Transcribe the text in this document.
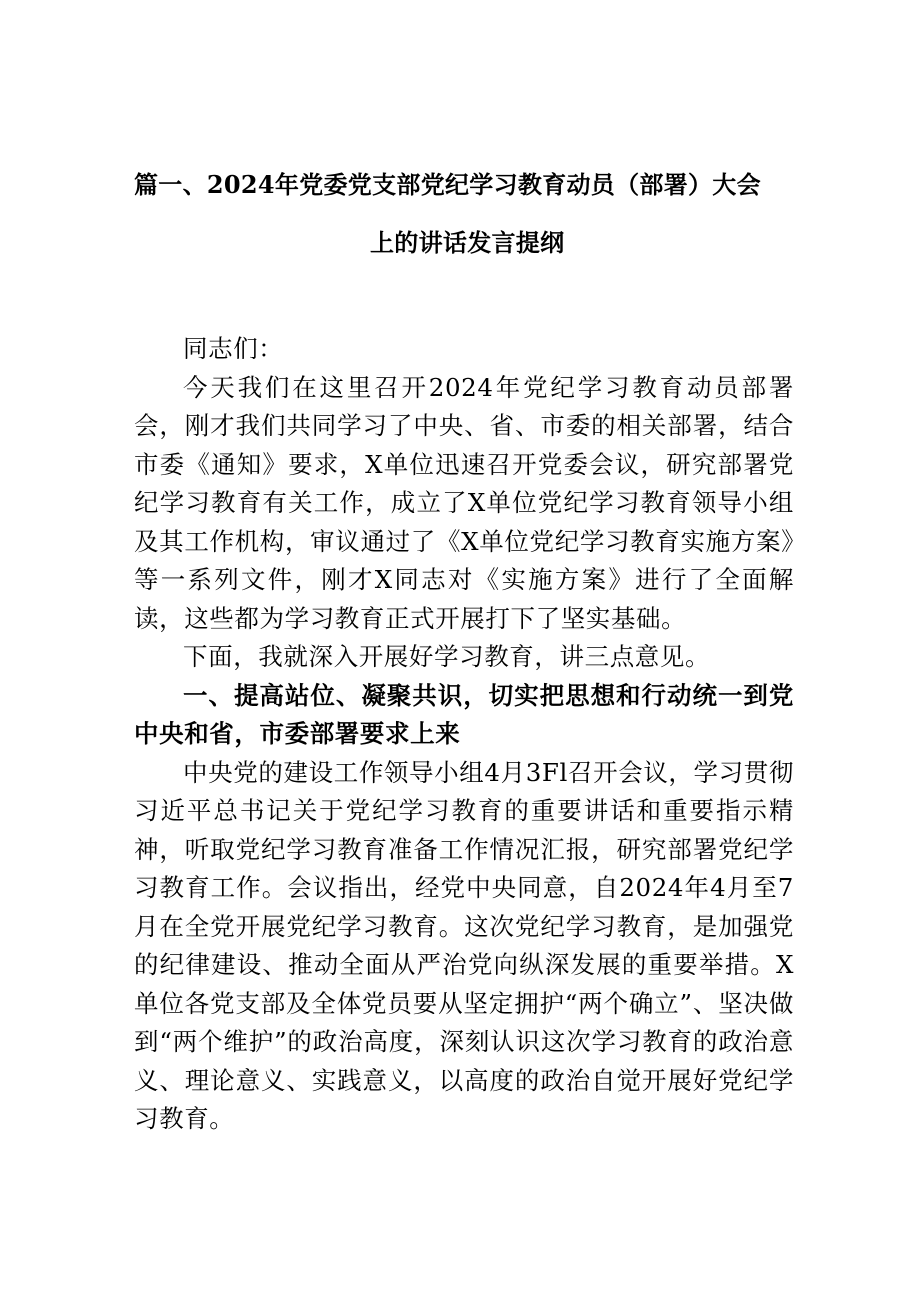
篇一、2024年党委党支部党纪学习教育动员（部署）大会
上的讲话发言提纲

同志们：

今天我们在这里召开2024年党纪学习教育动员部署会，刚才我们共同学习了中央、省、市委的相关部署，结合市委《通知》要求，X单位迅速召开党委会议，研究部署党纪学习教育有关工作，成立了X单位党纪学习教育领导小组及其工作机构，审议通过了《X单位党纪学习教育实施方案》等一系列文件，刚才X同志对《实施方案》进行了全面解读，这些都为学习教育正式开展打下了坚实基础。

下面，我就深入开展好学习教育，讲三点意见。

一、提高站位、凝聚共识，切实把思想和行动统一到党中央和省，市委部署要求上来

中央党的建设工作领导小组4月3Fl召开会议，学习贯彻习近平总书记关于党纪学习教育的重要讲话和重要指示精神，听取党纪学习教育准备工作情况汇报，研究部署党纪学习教育工作。会议指出，经党中央同意，自2024年4月至7月在全党开展党纪学习教育。这次党纪学习教育，是加强党的纪律建设、推动全面从严治党向纵深发展的重要举措。X单位各党支部及全体党员要从坚定拥护“两个确立”、坚决做到“两个维护”的政治高度，深刻认识这次学习教育的政治意义、理论意义、实践意义，以高度的政治自觉开展好党纪学习教育。
